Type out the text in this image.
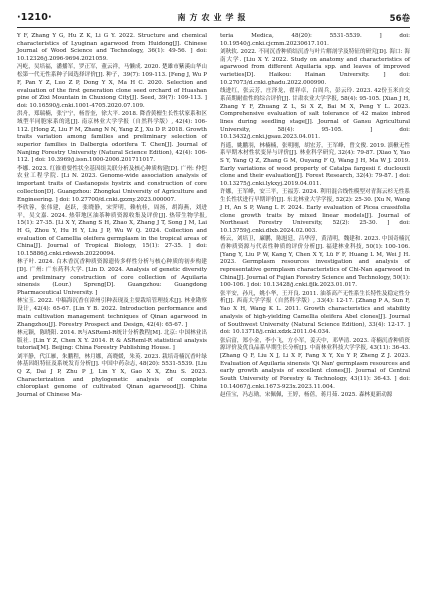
·1210·	南方农业学报	56卷

Y F, Zhang Y G, Hu Z K, Li G Y. 2022. Structure and chemical characteristics of Lyuginan agarwood from Huidong[J]. Chinese Journal of Wood Science and Technology, 36(1): 49-56. ] doi: 10.12326/j.2096-9694.2021059.

冯屹，吴培福，潘播军，罗正军，董云祥，马懒成. 2020. 楚雄市紫溪山华山松第一代无性系种子园选择评价[J]. 种子，39(7): 109-113. [Feng J, Wu P F, Pan Y Z, Luo Z P, Dong Y X, Ma H C. 2020. Selection and evaluation of the first generation clone seed orchard of Huashan pine of Zixi Mountain in Chuxiong City[J]. Seed, 39(7): 109-113. ] doi: 10.16590/j.cnki.1001-4705.2020.07.109.

洪舟，郑瑞楠，张宁宁，杨晋奎，徐大平. 2018. 降香黄檀生长性状家系和区域型半同胞家系的选[J]. 南京林业大学学报（自然科学版）, 42(4): 106-112. [Hong Z, Liu F M, Zhang N N, Yang Z J, Xu D P. 2018. Growth traits variation among families and preliminary selection of superior families in Dalbergia odorifera T. Chen[J]. Journal of Nanjing Forestry University (Natural Science Edition), 42(4): 106-112. ] doi: 10.3969/j.issn.1000-2006.201711017.

李娜. 2023. 红锥重要性状全基因组关联分析及核心种质构建[D]. 广州: 仲恺农业工程学院. [Li N. 2023. Genome-wide association analysis of important traits of Castanopsis hystrix and construction of core collection[D]. Guangzhou: Zhongkai University of Agriculture and Engineering. ] doi: 10.27700/d.cnki.gzzny.2023.000007.

李欣蓉，张伟建，赵跃，张晓静，宋霁明，赖杭桂，周扬，胡海燕，刘进平，吴文嘉. 2024. 热带地区油茶种质资源收集及评价[J]. 热带生物学报, 15(1): 27-35. [Li X Y, Zhang S H, Zhao X, Zhang J T, Song J M, Lai H G, Zhou Y, Hu H Y, Liu J P, Wu W Q. 2024. Collection and evaluation of Camellia oleifera germplasm in the tropical areas of China[J]. Journal of Tropical Biology, 15(1): 27-35. ] doi: 10.15886/j.cnki.rdswxb.20220094.

林子叶. 2024. 白木香沉香种质资源遗传多样性分析与核心种质的初步构建[D]. 广州: 广东药科大学. [Lin D. 2024. Analysis of genetic diversity and preliminary construction of core collection of Aquilaria sinensis (Lour.) Spreng[D]. Guangzhou: Guangdong Pharmaceutical University. ]

林宝玉. 2022. 中稿海沉香在漳州引种表现及主要栽培管理技术[J]. 林业勘察设计, 42(4): 65-67. [Lin Y B. 2022. Introduction performance and main cultivation management techniques of Qinan agarwood in Zhangzhou[J]. Forestry Prospect and Design, 42(4): 65-67. ]

林元颖，陈晓阳. 2014. R与ASReml-R统计分析教程[M]. 北京: 中国林业出版社. [Lin Y Z, Chen X Y. 2014. R & ASReml-R statistical analysis tutorial[M]. Beijing: China Forestry Publishing House. ]

刘平静，代江雁，朱鹏程，林月娜，高晓媛，朱英. 2023. 栽培奇楠沉香叶绿体基因组特征及系统发育分析[J]. 中国中药杂志, 48(20): 5531-5539. [Liu Q Z, Dai J P, Zhu P J, Lin Y X, Gao X X, Zhu S. 2023. Characterization and phylogenetic analysis of complete chloroplast genome of cultivated Qinan agarwood[J]. China Journal of Chinese Ma-

teria Medica, 48(20): 5531-5539. ] doi: 10.19540/j.cnki.cjcmm.20230617.101.

刘秋软. 2022. 不同沉香种质结沉香与叶片解剖学及特征的研究[D]. 海口: 海南大学. [Liu X Y. 2022. Study on anatomy and characteristics of agarwood from different Aquilaria spp. and leaves of improved varieties[D]. Haikou: Hainan University. ] doi: 10.27073/d.cnki.ghadu.2022.000990.

线进红，张云芳，庄泽龙，翟祥卓，白周兵，彭云玲. 2023. 42份玉米自交系苗期耐盐性的综合评价[J]. 甘肃农业大学学报, 58(4): 95-105. [Xian J H, Zhang Y F, Zhuang Z L, Si X Z, Bai M X, Peng Y L. 2023. Comprehensive evaluation of salt tolerance of 42 maize inbred lines during seedling stage[J]. Journal of Gansu Agricultural University, 58(4): 95-105. ] doi: 10.13432/j.cnki.jgsau.2023.04.011.

肖遥，姚鹏羽，林楠楠，张明刚，胡宏芳，王军峰，曾文俊. 2019. 滇楸无性系早期木材性状变异与评价[J]. 林业科学研究, 32(4): 79-87. [Xiao Y, Yao S Y, Yang Q Z, Zhang G M, Ouyang F Q, Wang J H, Ma W J. 2019. Early variations of wood property of Catalpa fargesii f. duclouxii clone and their evaluation[J]. Forest Research, 32(4): 79-87. ] doi: 10.13275/j.cnki.lykxyj.2019.04.011.

许娜，王军峰，安三平，王福芳. 2024. 利用混合线性模型对青海云杉无性系生长性状进行早期评价[J]. 东北林业大学学报, 52(2): 25-30. [Xu N, Wang J H, An S P, Wang L F. 2024. Early evaluation of Picea crassifolia clone growth traits by mixed linear models[J]. Journal of Northeast Forestry University, 52(2): 25-30. ] doi: 10.13759/j.cnki.dlxb.2024.02.003.

杨云，刘培卫，廉鹏，陈旭廷，吕华淳，黄清明，魏建和. 2023. 中国奇楠沉香种质资源与代表性种质的评价分析[J]. 福建林业科技, 50(1): 100-106. [Yang Y, Liu P W, Kang Y, Chen X Y, Lü F F, Huang L M, Wei J H. 2023. Germplasm resources investigation and analysis of representative germplasm characteristics of Chi-Nan agarwood in China[J]. Journal of Fujian Forestry Science and Technology, 50(1): 100-106. ] doi: 10.13428/j.cnki.fjlk.2023.01.017.

张平安，孙凡，姚小华，王开良. 2011. 油茶高产无性系生长特性及稳定性分析[J]. 西南大学学报（自然科学版）, 33(4): 12-17. [Zhang P A, Sun F, Yao X H, Wang K L. 2011. Growth characteristics and stability analysis of high-yielding Camellia oleifera Abel clones[J]. Journal of Southwest University (Natural Science Edition), 33(4): 12-17. ] doi: 10.13718/j.cnki.xdzk.2011.04.034.

张启富，郑小金，李小飞，方小军，姜天中，邓华清. 2023. 奇楠沉香种质资源评价及优良品系早期生长分析[J]. 中南林业科技大学学报, 43(11): 36-43. [Zhang Q F, Liu X J, Li X F, Fang X Y, Xu Y P, Zheng Z J. 2023. Evaluation of Aquilaria sinensis 'Qi Nan' germplasm resources and early growth analysis of excellent clones[J]. Journal of Central South University of Forestry & Technology, 43(11): 36-43. ] doi: 10.14067/j.cnki.1673-923x.2023.11.004.

赵佳宝，冯志勋，宋佩佩，王婷，杨蓓，蒋月茹. 2025. 森林更新动源
